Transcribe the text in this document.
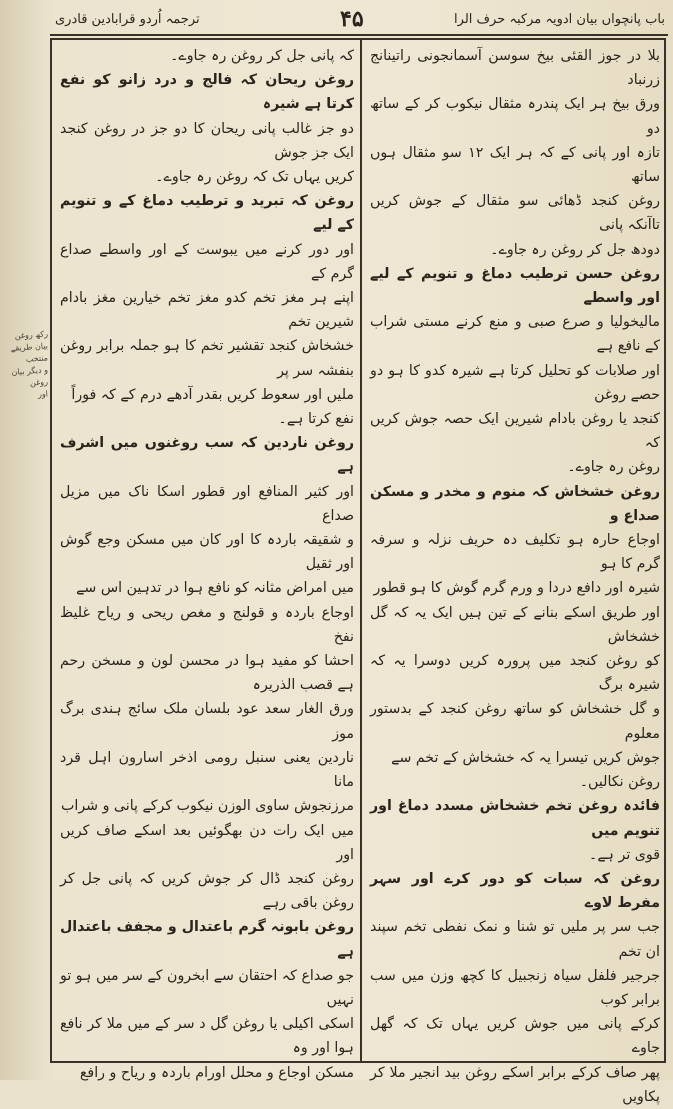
باب پانچواں بیان ادویہ مرکبہ حرف الرا
۴۵
ترجمہ اُردو قرابادین قادری

بلا در جوز القئی بیخ سوسن آسمانجونی راتینانج زرنباد

ورق بیخ ہر ایک پندرہ مثقال نیکوب کر کے ساتھ دو

تازہ اور پانی کے کہ ہر ایک ۱۲ سو مثقال ہوں ساتھ

روغن کنجد ڈھائی سو مثقال کے جوش کریں تاآنکہ پانی

دودھ جل کر روغن رہ جاوے۔

روغن حسن ترطیب دماغ و تنویم کے لیے اور واسطے

مالیخولیا و صرع صبی و منع کرنے مستی شراب کے نافع ہے

اور صلابات کو تحلیل کرتا ہے شیرہ کدو کا ہو دو حصے روغن

کنجد یا روغن بادام شیرین ایک حصہ جوش کریں کہ

روغن رہ جاوے۔

روغن خشخاش کہ منوم و مخدر و مسکن صداع و

اوجاع حارہ ہو تکلیف دہ حریف نزلہ و سرفہ گرم کا ہو

شیرہ اور دافع دردا و ورم گرم گوش کا ہو قطور

اور طریق اسکے بنانے کے تین ہیں ایک یہ کہ گل خشخاش

کو روغن کنجد میں پرورہ کریں دوسرا یہ کہ شیرہ برگ

و گل خشخاش کو ساتھ روغن کنجد کے بدستور معلوم

جوش کریں تیسرا یہ کہ خشخاش کے تخم سے

روغن نکالیں۔

فائدہ روغن تخم خشخاش مسدد دماغ اور تنویم میں

قوی تر ہے۔

روغن کہ سبات کو دور کرے اور سہر مفرط لاوے

جب سر پر ملیں تو شنا و نمک نفطی تخم سپند ان تخم

جرجیر فلفل سیاہ زنجبیل کا کچھ وزن میں سب برابر کوب

کرکے پانی میں جوش کریں یہاں تک کہ گھل جاوے

پھر صاف کرکے برابر اسکے روغن بید انجیر ملا کر پکاویں

کہ پانی جل کر روغن رہ جاوے۔

روغن ریحان کہ فالج و درد زانو کو نفع کرتا ہے شیرہ

دو جز غالب پانی ریحان کا دو جز در روغن کنجد ایک جز جوش

کریں یہاں تک کہ روغن رہ جاوے۔

روغن کہ تبرید و ترطیب دماغ کے و تنویم کے لیے

اور دور کرنے میں یبوست کے اور واسطے صداع گرم کے

اپنے ہر مغز تخم کدو مغز تخم خیارین مغز بادام شیرین تخم

خشخاش کنجد تقشیر تخم کا ہو جملہ برابر روغن بنفشہ سر پر

ملیں اور سعوط کریں بقدر آدھے درم کے کہ فوراً

نفع کرتا ہے۔

روغن ناردین کہ سب روغنوں میں اشرف ہے

اور کثیر المنافع اور قطور اسکا ناک میں مزیل صداع

و شقیقہ باردہ کا اور کان میں مسکن وجع گوش اور ثقیل

میں امراض مثانہ کو نافع ہوا در تدہین اس سے

اوجاع باردہ و قولنج و مغص ریحی و ریاح غلیظ نفخ

احشا کو مفید ہوا در محسن لون و مسخن رحم ہے قصب الذریرہ

ورق الغار سعد عود بلسان ملک سائج ہندی برگ موز

ناردین یعنی سنبل رومی اذخر اسارون اہل قرد مانا

مرزنجوش ساوی الوزن نیکوب کرکے پانی و شراب

میں ایک رات دن بھگوئیں بعد اسکے صاف کریں اور

روغن کنجد ڈال کر جوش کریں کہ پانی جل کر روغن باقی رہے

روغن بابونہ گرم باعتدال و مجفف باعتدال ہے

جو صداع کہ احتقان سے ابخرون کے سر میں ہو تو نہیں

اسکی اکیلی یا روغن گل د سر کے میں ملا کر نافع ہوا اور وہ

مسکن اوجاع و محلل اورام باردہ و ریاح و رافع

رکھ روغن
بیان طریقے
منتخب
و دیگر بیان
روغن
اور
